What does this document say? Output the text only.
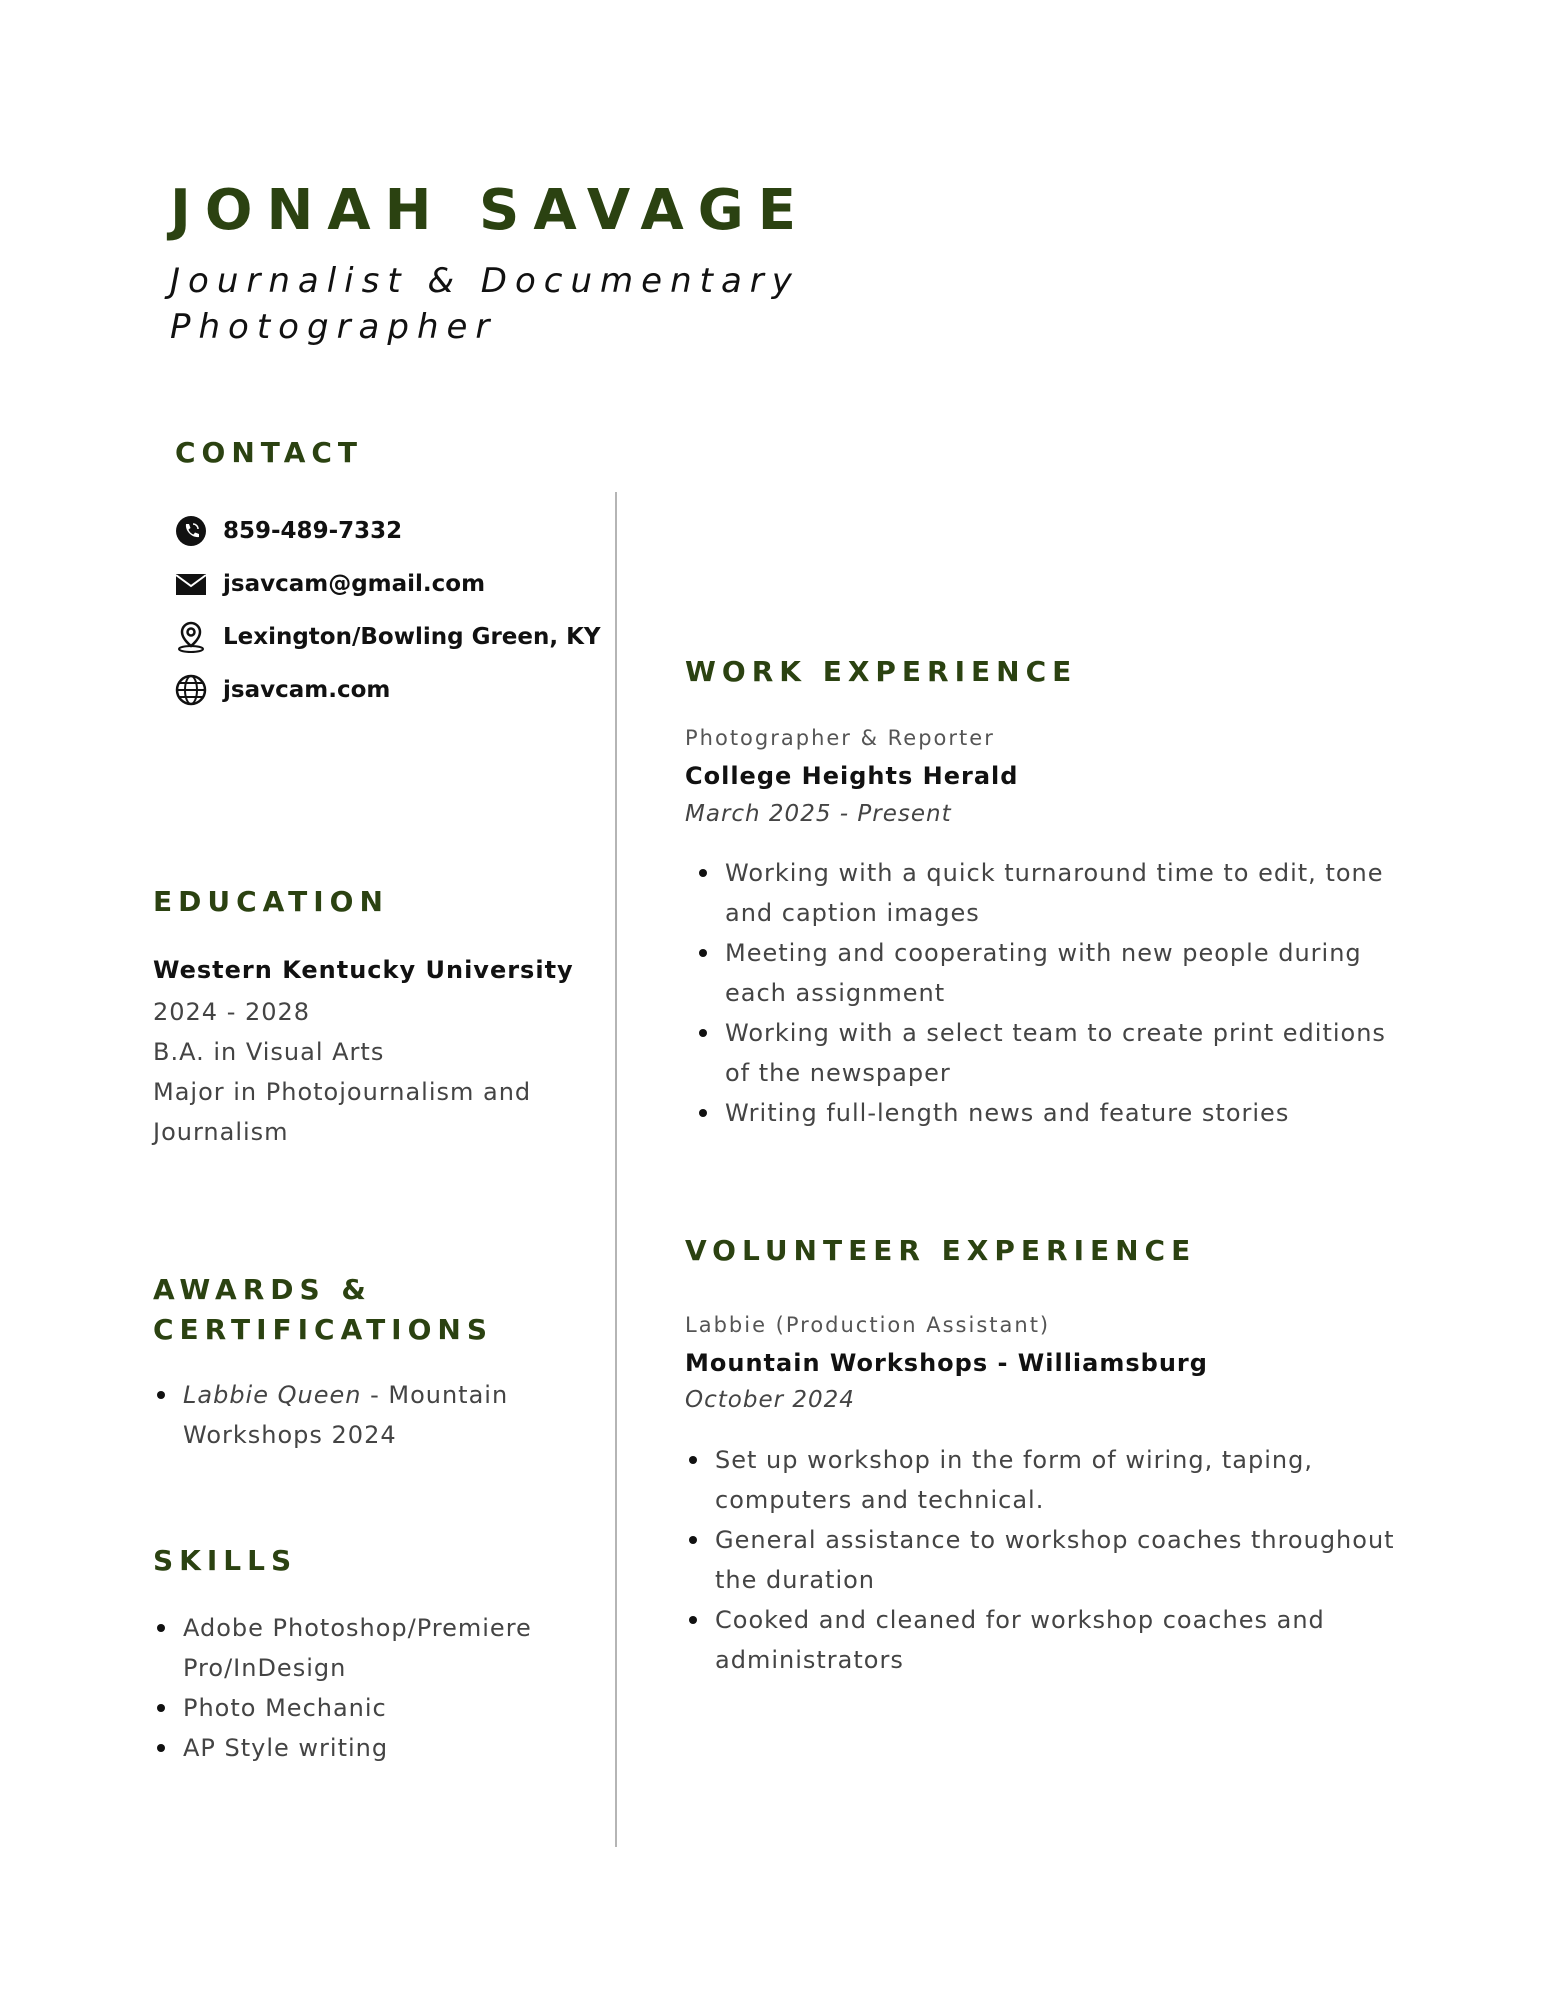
JONAH SAVAGE
Journalist & Documentary
Photographer
CONTACT
859-489-7332
jsavcam@gmail.com
Lexington/Bowling Green, KY
jsavcam.com
EDUCATION
Western Kentucky University
2024 - 2028
B.A. in Visual Arts
Major in Photojournalism and
Journalism
AWARDS &
CERTIFICATIONS
Labbie Queen - Mountain Workshops 2024
SKILLS
Adobe Photoshop/Premiere Pro/InDesign
Photo Mechanic
AP Style writing
WORK EXPERIENCE
Photographer & Reporter
College Heights Herald
March 2025 - Present
Working with a quick turnaround time to edit, tone and caption images
Meeting and cooperating with new people during each assignment
Working with a select team to create print editions of the newspaper
Writing full-length news and feature stories
VOLUNTEER EXPERIENCE
Labbie (Production Assistant)
Mountain Workshops - Williamsburg
October 2024
Set up workshop in the form of wiring, taping, computers and technical.
General assistance to workshop coaches throughout the duration
Cooked and cleaned for workshop coaches and administrators
